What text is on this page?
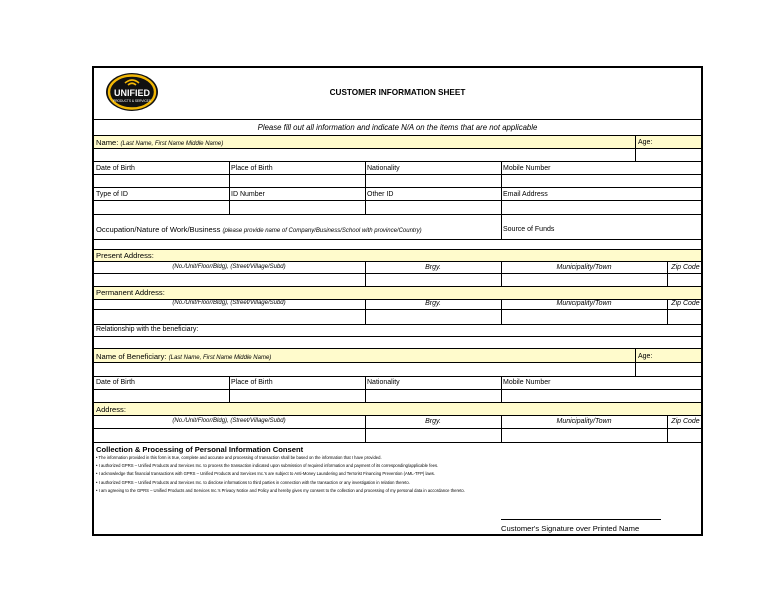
UNIFIED
PRODUCTS & SERVICES
CUSTOMER INFORMATION SHEET
Please fill out all information and indicate N/A on the items that are not applicable
Name: (Last Name, First Name Middle Name)	Age:
Date of Birth	Place of Birth	Nationality	Mobile Number
Type of ID	ID Number	Other ID	Email Address
Occupation/Nature of Work/Business (please provide name of Company/Business/School with province/Country)	Source of Funds
Present Address:
(No./Unit/Floor/Bldg), (Street/Village/Subd)	Brgy.	Municipality/Town	Zip Code
Permanent Address:
(No./Unit/Floor/Bldg), (Street/Village/Subd)	Brgy.	Municipality/Town	Zip Code
Relationship with the beneficiary:
Name of Beneficiary: (Last Name, First Name Middle Name)	Age:
Date of Birth	Place of Birth	Nationality	Mobile Number
Address:
(No./Unit/Floor/Bldg), (Street/Village/Subd)	Brgy.	Municipality/Town	Zip Code
Collection & Processing of Personal Information Consent
• The information provided in this form is true, complete and accurate and processing of transaction shall be based on the information that I have provided.
• I authorized GPRS – Unified Products and Services Inc. to process the transaction indicated upon submission of required information and payment of its corresponding/applicable fees.
• I acknowledge that financial transactions with GPRS – Unified Products and Services Inc.'s are subject to Anti-Money Laundering and Terrorist Financing Prevention (AML-TFP) laws.
• I authorized GPRS – Unified Products and Services Inc. to disclose informations to third parties in connection with the transaction or any investigation in relation thereto.
• I am agreeing to the GPRS – Unified Products and Services Inc.'s Privacy Notice and Policy and hereby gives my consent to the collection and processing of my personal data in accordance thereto.
Customer's Signature over Printed Name
